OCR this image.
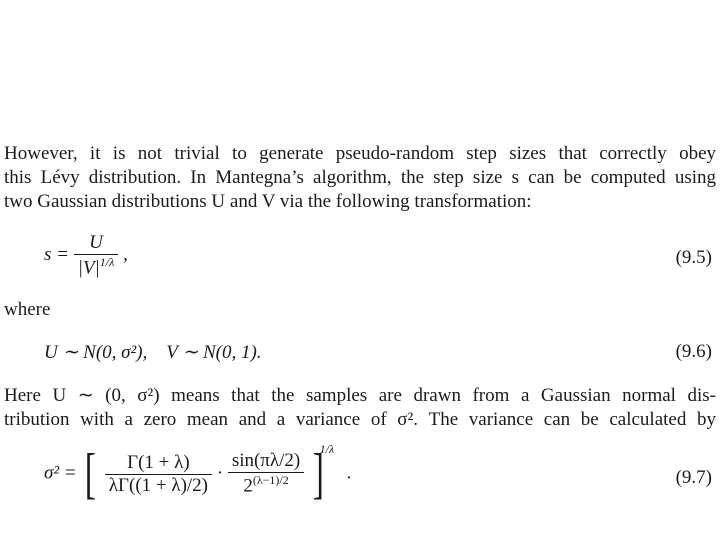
However, it is not trivial to generate pseudo-random step sizes that correctly obey
this Lévy distribution. In Mantegna’s algorithm, the step size s can be computed using
two Gaussian distributions U and V via the following transformation:
$s = \frac{U}{|V|^{1/\lambda}}$ ,	(9.5)
where
U ∼ N(0, σ²),    V ∼ N(0, 1).	(9.6)
Here U ∼ (0, σ²) means that the samples are drawn from a Gaussian normal dis-
tribution with a zero mean and a variance of σ². The variance can be calculated by
σ² = [ $\frac{\Gamma(1 + \lambda)}{\lambda\Gamma((1 + \lambda)/2)} \cdot \frac{\sin(\pi\lambda/2)}{2^{(\lambda-1)/2}} ]^{1/\lambda}$ .	(9.7)
